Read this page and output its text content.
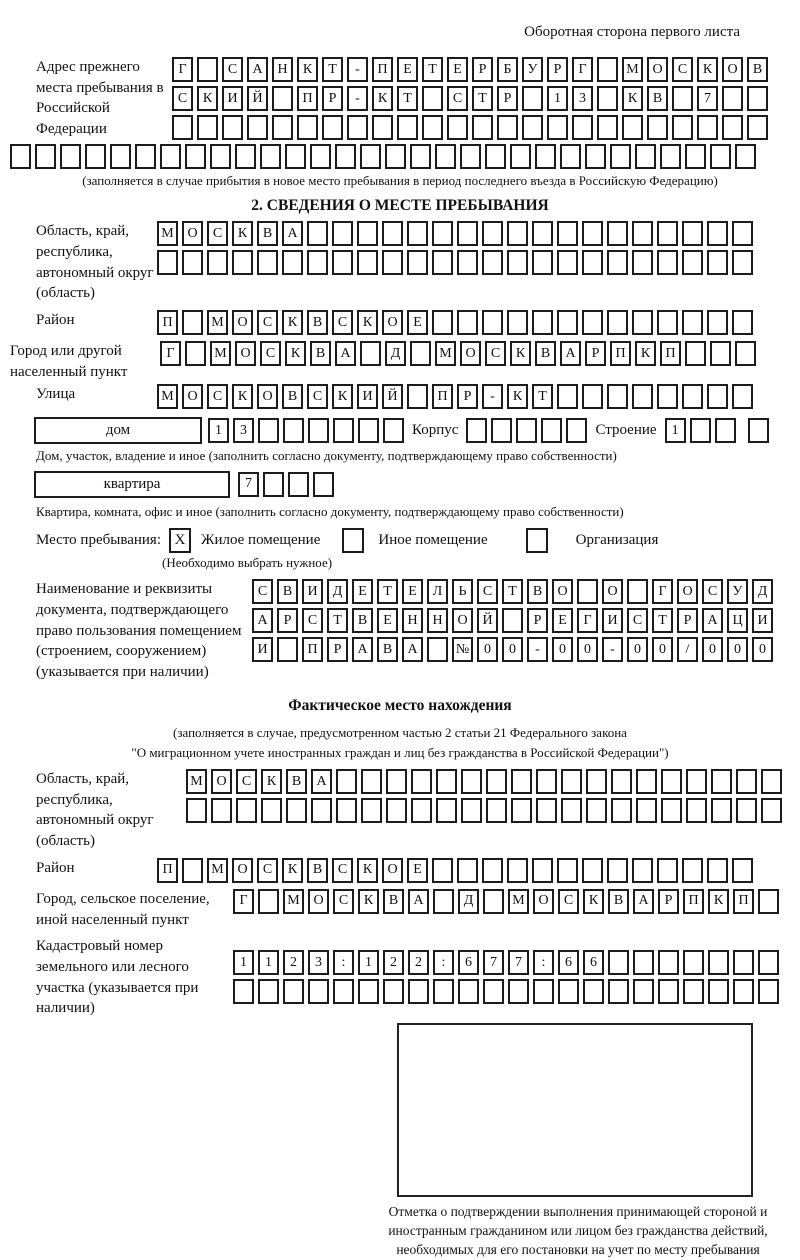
Оборотная сторона первого листа
Адрес прежнего места пребывания в Российской Федерации
Г	С	А	Н	К	Т	-	П	Е	Т	Е	Р	Б	У	Р	Г	М О	С	К	О	В
С	К	И	Й	П	Р	-	К	Т	С	Т	Р	1	3	К	В	7
(заполняется в случае прибытия в новое место пребывания в период последнего въезда в Российскую Федерацию)
2. СВЕДЕНИЯ О МЕСТЕ ПРЕБЫВАНИЯ
Область, край, республика, автономный округ (область)
М О	С	К	В	А
Район	П	М О	С	К	В	С	К	О	Е
Город или другой населенный пункт
Г	М О	С	К	В	А	Д	М О	С	К	В	А	Р	П	К	П
Улица	М О	С	К	О	В	С	К	И	Й	П	Р	-	К	Т
дом	1	3	Корпус	Строение	1
Дом, участок, владение и иное (заполнить согласно документу, подтверждающему право собственности)
квартира	7
Квартира, комната, офис и иное (заполнить согласно документу, подтверждающему право собственности)
Место пребывания: X	Жилое помещение	Иное помещение	Организация
(Необходимо выбрать нужное)
Наименование и реквизиты документа, подтверждающего право пользования помещением (строением, сооружением) (указывается при наличии)
С	В	И	Д	Е	Т	Е	Л	Ь	С	Т	В	О	О	Г	О	С	У	Д
А	Р	С	Т	В	Е	Н	Н	О	Й	Р	Е	Г	И	С	Т	Р	А	Ц	И
И	П	Р	А	В	А	№	0	0	-	0	0	-	0	0	/	0	0	0
Фактическое место нахождения
(заполняется в случае, предусмотренном частью 2 статьи 21 Федерального закона
"О миграционном учете иностранных граждан и лиц без гражданства в Российской Федерации")
Область, край, республика, автономный округ (область)
М О	С	К	В	А
Район	П	М О	С	К	В	С	К	О	Е
Город, сельское поселение, иной населенный пункт
Г	М О	С	К	В	А	Д	М О	С	К	В	А	Р	П	К	П
Кадастровый номер земельного или лесного участка (указывается при наличии)
1	1	2	3	:	1	2	2	:	6	7	7	:	6	6
Отметка о подтверждении выполнения принимающей стороной и иностранным гражданином или лицом без гражданства действий, необходимых для его постановки на учет по месту пребывания
